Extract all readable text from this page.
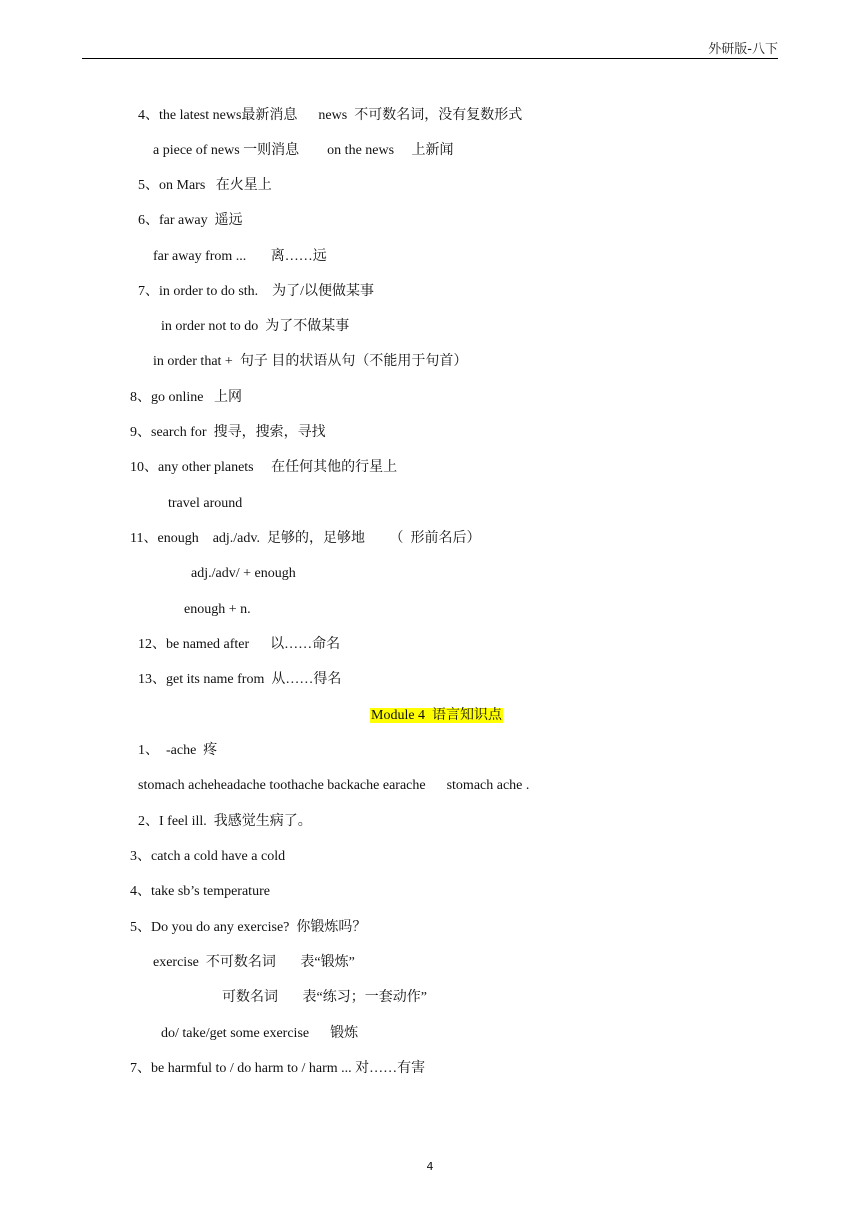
外研版-八下
4、the latest news最新消息      news  不可数名词，没有复数形式
a piece of news 一则消息        on the news     上新闻
5、on Mars   在火星上
6、far away  遥远
far away from ...       离……远
7、in order to do sth.    为了/以便做某事
in order not to do  为了不做某事
in order that +  句子 目的状语从句（不能用于句首）
8、go online   上网
9、search for  搜寻，搜索，寻找
10、any other planets     在任何其他的行星上
travel around
11、enough    adj./adv.  足够的，足够地       （  形前名后）
adj./adv/ + enough
enough + n.
12、be named after      以……命名
13、get its name from  从……得名
Module 4  语言知识点
1、  -ache  疼
stomach acheheadache toothache backache earache      stomach ache .
2、I feel ill.  我感觉生病了。
3、catch a cold have a cold
4、take sb’s temperature
5、Do you do any exercise?  你锻炼吗？
exercise  不可数名词       表“锻炼”
可数名词       表“练习；一套动作”
do/ take/get some exercise      锻炼
7、be harmful to / do harm to / harm ... 对……有害
4
